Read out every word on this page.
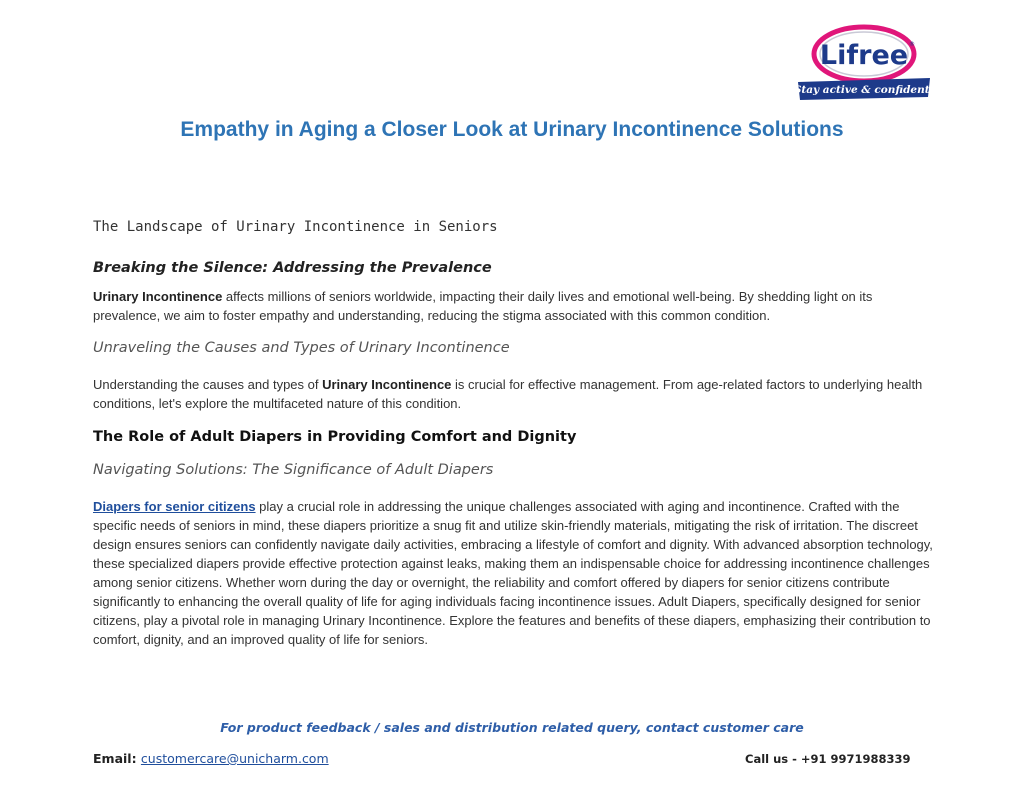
Lifree ®
Stay active & confident!
Empathy in Aging a Closer Look at Urinary Incontinence Solutions
The Landscape of Urinary Incontinence in Seniors
Breaking the Silence: Addressing the Prevalence

Urinary Incontinence affects millions of seniors worldwide, impacting their daily lives and emotional well-being. By shedding light on its prevalence, we aim to foster empathy and understanding, reducing the stigma associated with this common condition.

Unraveling the Causes and Types of Urinary Incontinence

Understanding the causes and types of Urinary Incontinence is crucial for effective management. From age-related factors to underlying health conditions, let's explore the multifaceted nature of this condition.

The Role of Adult Diapers in Providing Comfort and Dignity
Navigating Solutions: The Significance of Adult Diapers

Diapers for senior citizens play a crucial role in addressing the unique challenges associated with aging and incontinence. Crafted with the specific needs of seniors in mind, these diapers prioritize a snug fit and utilize skin-friendly materials, mitigating the risk of irritation. The discreet design ensures seniors can confidently navigate daily activities, embracing a lifestyle of comfort and dignity. With advanced absorption technology, these specialized diapers provide effective protection against leaks, making them an indispensable choice for addressing incontinence challenges among senior citizens. Whether worn during the day or overnight, the reliability and comfort offered by diapers for senior citizens contribute significantly to enhancing the overall quality of life for aging individuals facing incontinence issues. Adult Diapers, specifically designed for senior citizens, play a pivotal role in managing Urinary Incontinence. Explore the features and benefits of these diapers, emphasizing their contribution to comfort, dignity, and an improved quality of life for seniors.

For product feedback / sales and distribution related query, contact customer care
Email: customercare@unicharm.com	Call us - +91 9971988339
